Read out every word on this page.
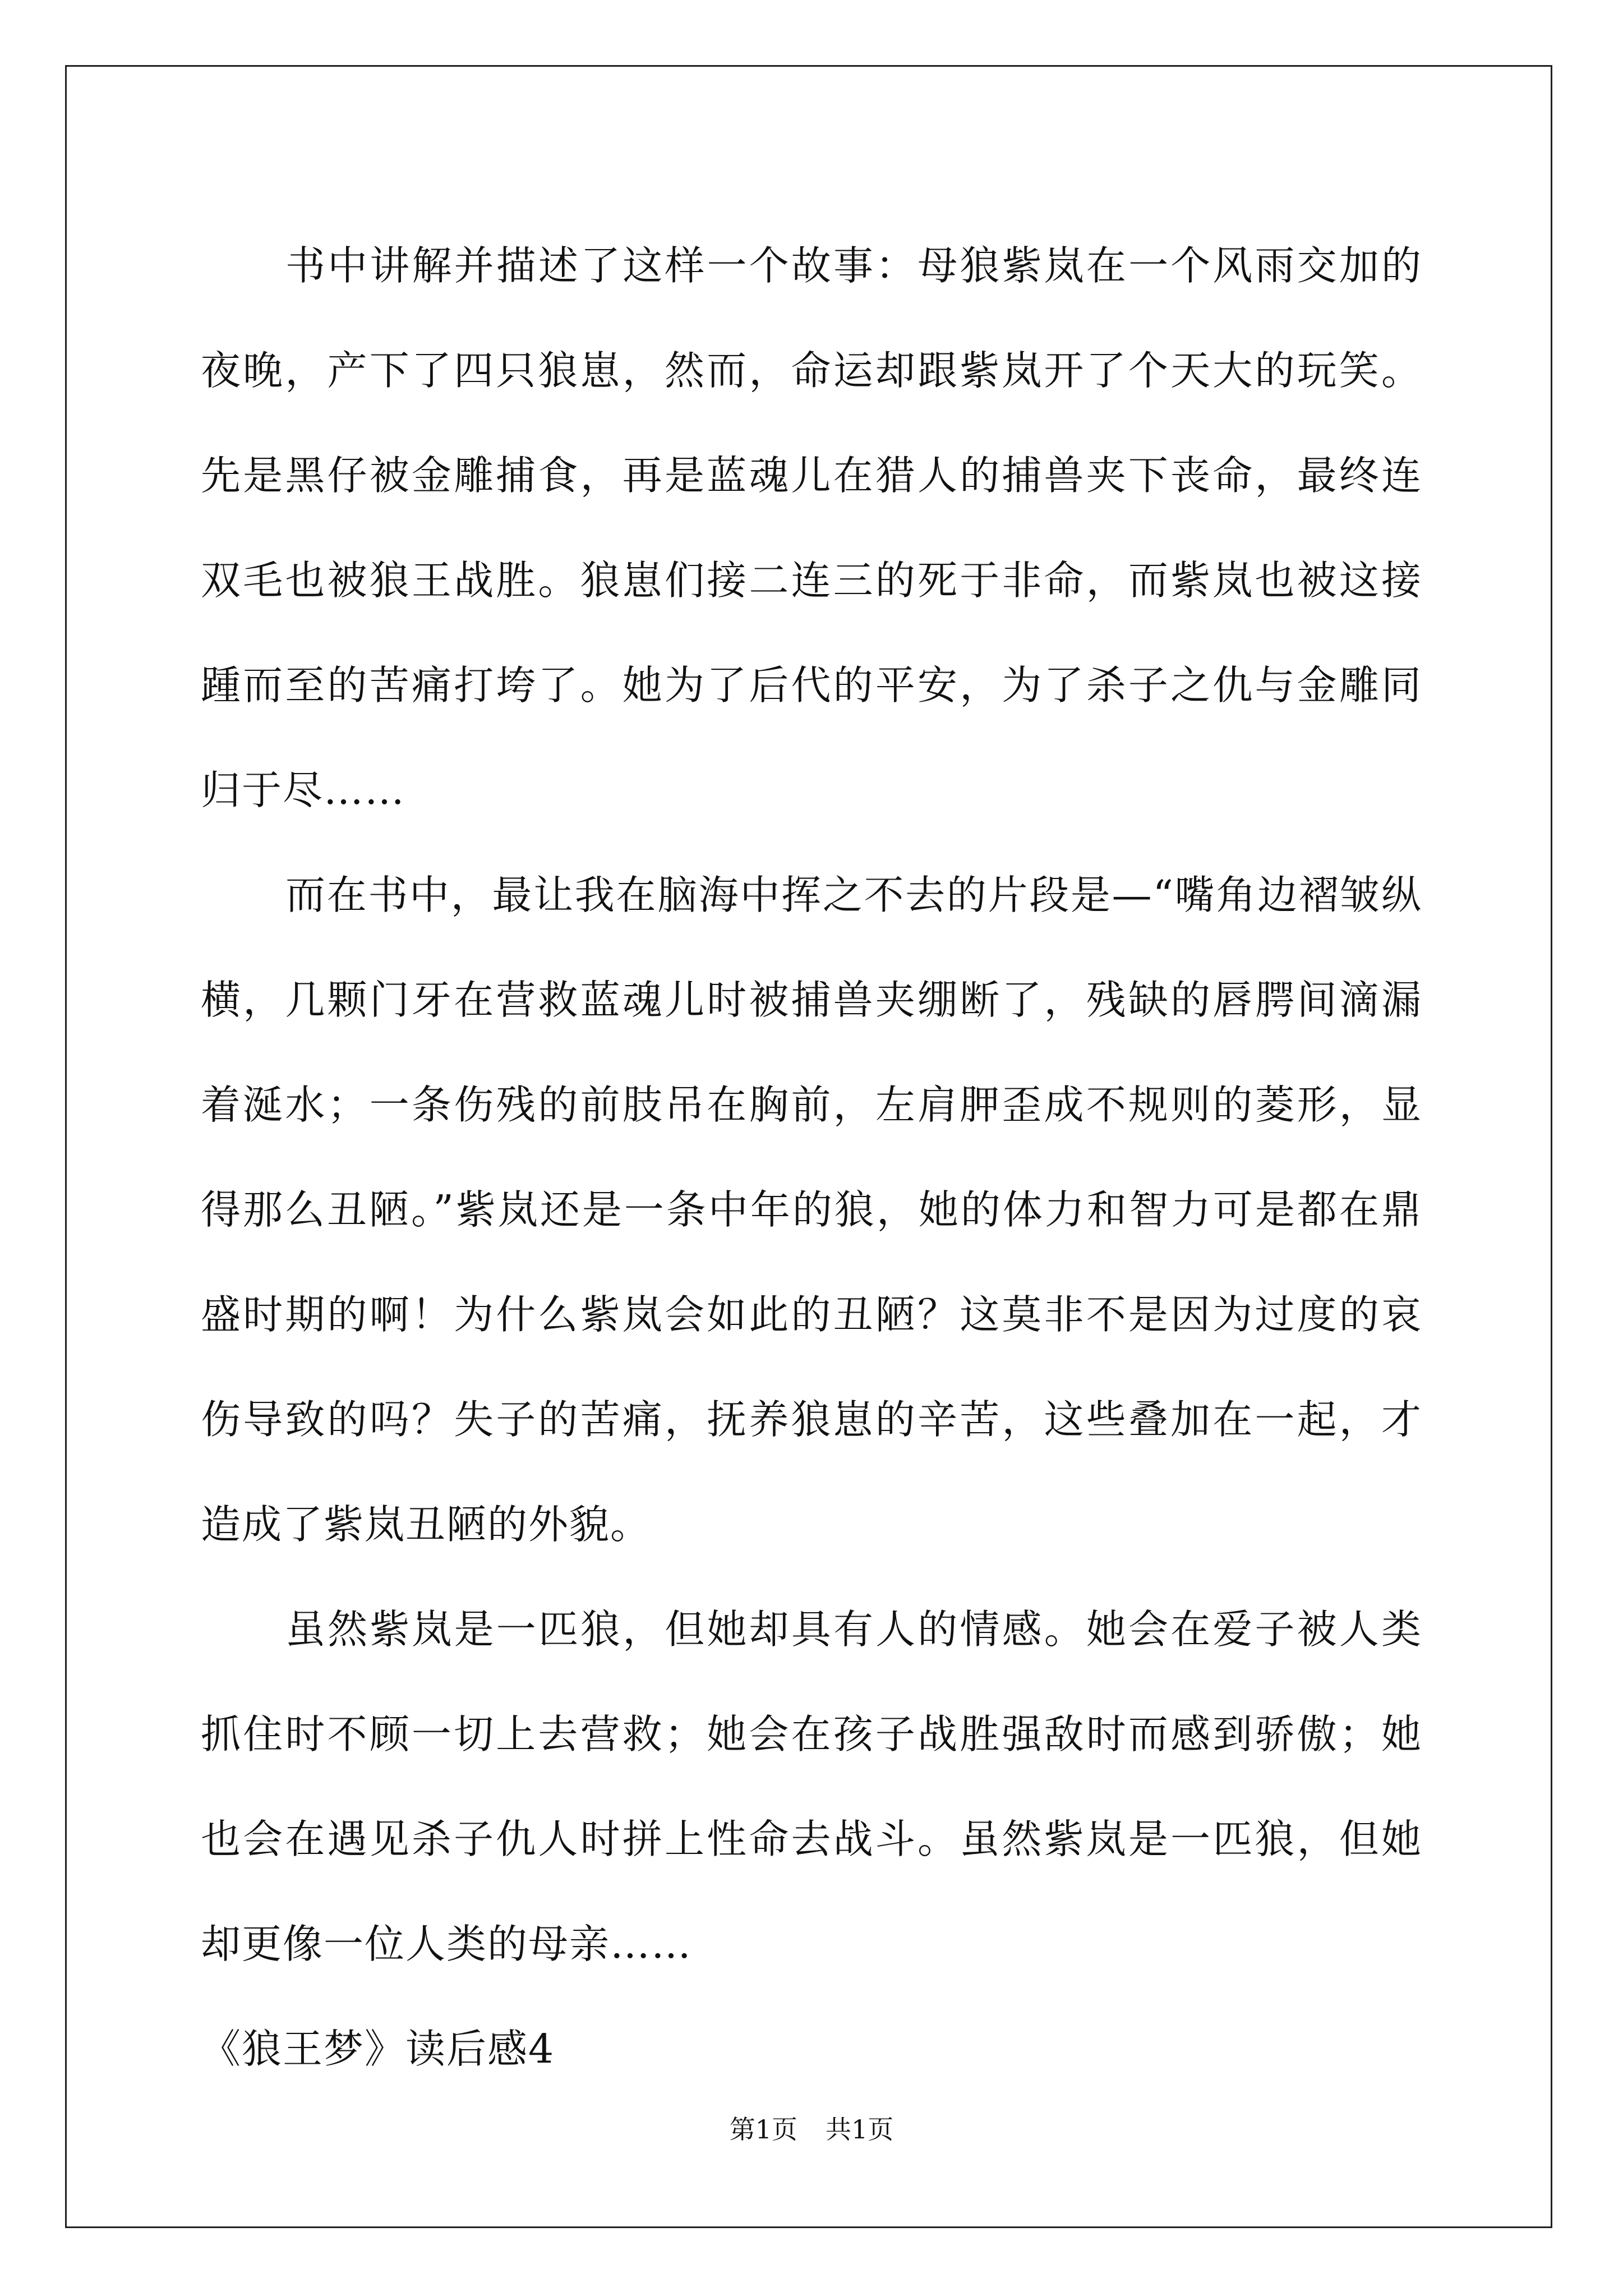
书中讲解并描述了这样一个故事：母狼紫岚在一个风雨交加的夜晚，产下了四只狼崽，然而，命运却跟紫岚开了个天大的玩笑。先是黑仔被金雕捕食，再是蓝魂儿在猎人的捕兽夹下丧命，最终连双毛也被狼王战胜。狼崽们接二连三的死于非命，而紫岚也被这接踵而至的苦痛打垮了。她为了后代的平安，为了杀子之仇与金雕同归于尽……

而在书中，最让我在脑海中挥之不去的片段是—“嘴角边褶皱纵横，几颗门牙在营救蓝魂儿时被捕兽夹绷断了，残缺的唇腭间滴漏着涎水；一条伤残的前肢吊在胸前，左肩胛歪成不规则的菱形，显得那么丑陋。”紫岚还是一条中年的狼，她的体力和智力可是都在鼎盛时期的啊！为什么紫岚会如此的丑陋？这莫非不是因为过度的哀伤导致的吗？失子的苦痛，抚养狼崽的辛苦，这些叠加在一起，才造成了紫岚丑陋的外貌。

虽然紫岚是一匹狼，但她却具有人的情感。她会在爱子被人类抓住时不顾一切上去营救；她会在孩子战胜强敌时而感到骄傲；她也会在遇见杀子仇人时拼上性命去战斗。虽然紫岚是一匹狼，但她却更像一位人类的母亲……

《狼王梦》读后感4

第1页 共1页
